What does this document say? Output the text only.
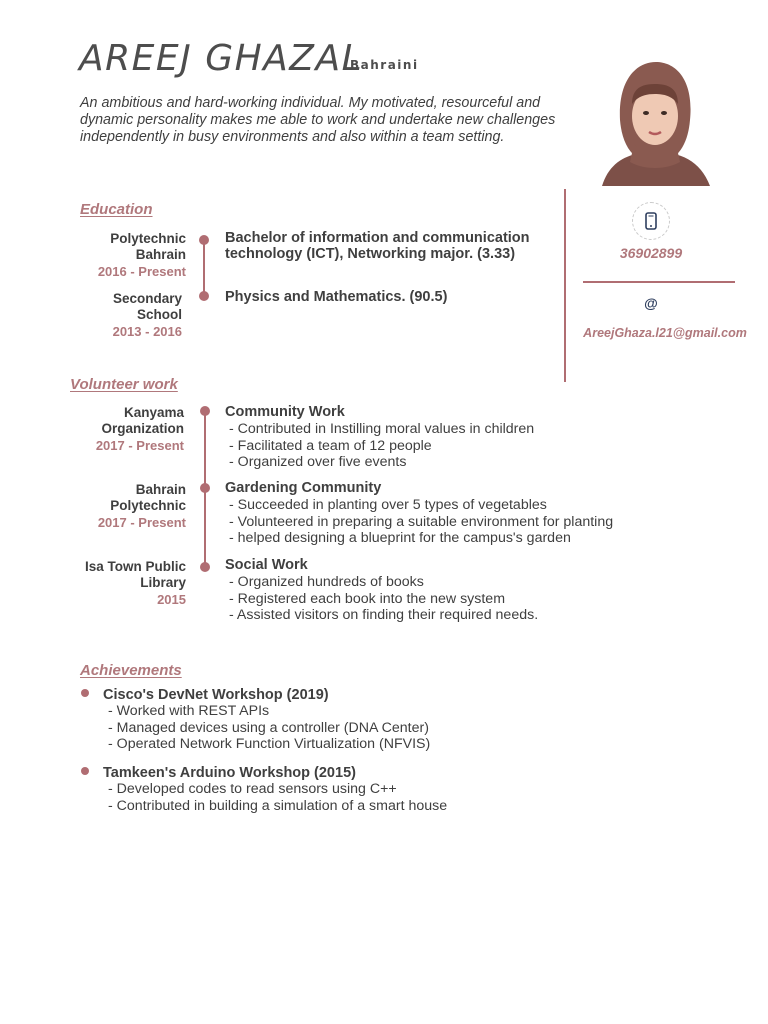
AREEJ GHAZAL
Bahraini
An ambitious and hard-working individual. My motivated, resourceful and dynamic personality makes me able to work and undertake new challenges independently in busy environments and also within a team setting.
36902899
@
AreejGhaza.l21@gmail.com
Education
Polytechnic
Bahrain
2016 - Present
Bachelor of information and communication
technology (ICT), Networking major. (3.33)
Secondary
School
2013 - 2016
Physics and Mathematics. (90.5)
Volunteer work
Kanyama
Organization
2017 - Present
Community Work
- Contributed in Instilling moral values in children
- Facilitated a team of 12 people
- Organized over five events
Bahrain
Polytechnic
2017 - Present
Gardening Community
- Succeeded in planting over 5 types of vegetables
- Volunteered in preparing a suitable environment for planting
- helped designing a blueprint for the campus's garden
Isa Town Public
Library
2015
Social Work
- Organized hundreds of books
- Registered each book into the new system
- Assisted visitors on finding their required needs.
Achievements
Cisco's DevNet Workshop (2019)
- Worked with REST APIs
- Managed devices using a controller (DNA Center)
- Operated Network Function Virtualization (NFVIS)
Tamkeen's Arduino Workshop (2015)
- Developed codes to read sensors using C++
- Contributed in building a simulation of a smart house
